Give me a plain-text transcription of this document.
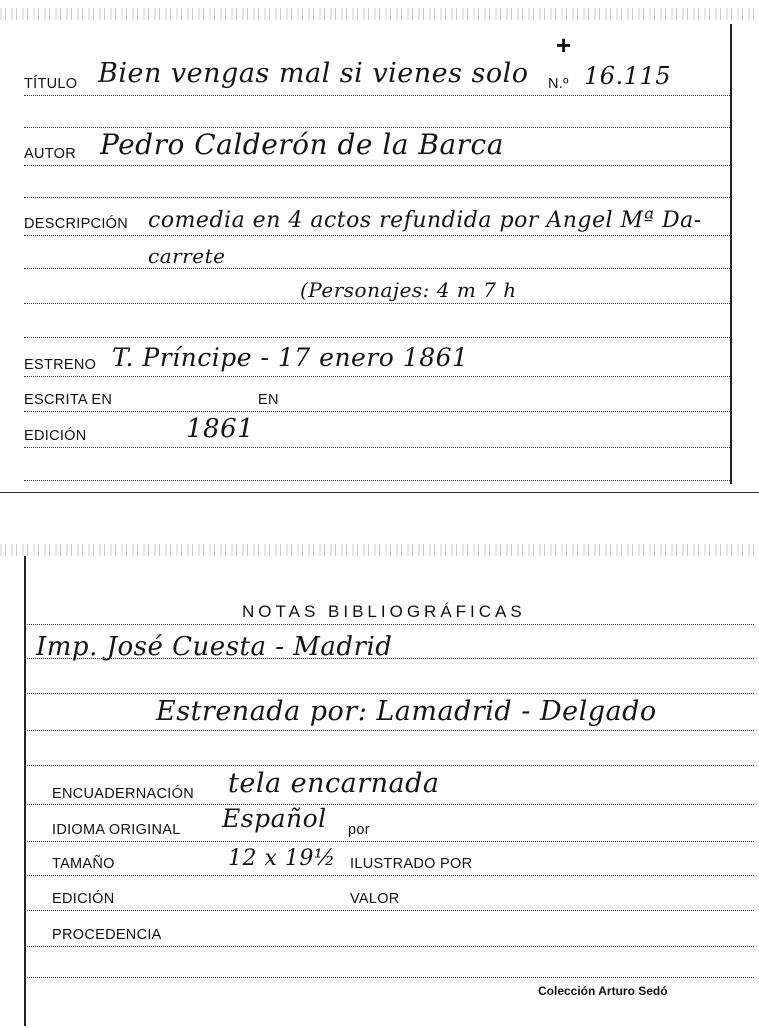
TÍTULO Bien vengas mal si vienes solo N.º 16.115
+
AUTOR Pedro Calderón de la Barca
DESCRIPCIÓN comedia en 4 actos refundida por Angel Mª Da-
carrete
(Personajes: 4 m 7 h
ESTRENO T. Príncipe - 17 enero 1861
ESCRITA EN	EN
EDICIÓN	1861
NOTAS BIBLIOGRÁFICAS
Imp. José Cuesta - Madrid
Estrenada por: Lamadrid - Delgado
ENCUADERNACIÓN tela encarnada
IDIOMA ORIGINAL Español por
TAMAÑO	12 x 19½ ILUSTRADO POR
EDICIÓN	VALOR
PROCEDENCIA
Colección Arturo Sedó
